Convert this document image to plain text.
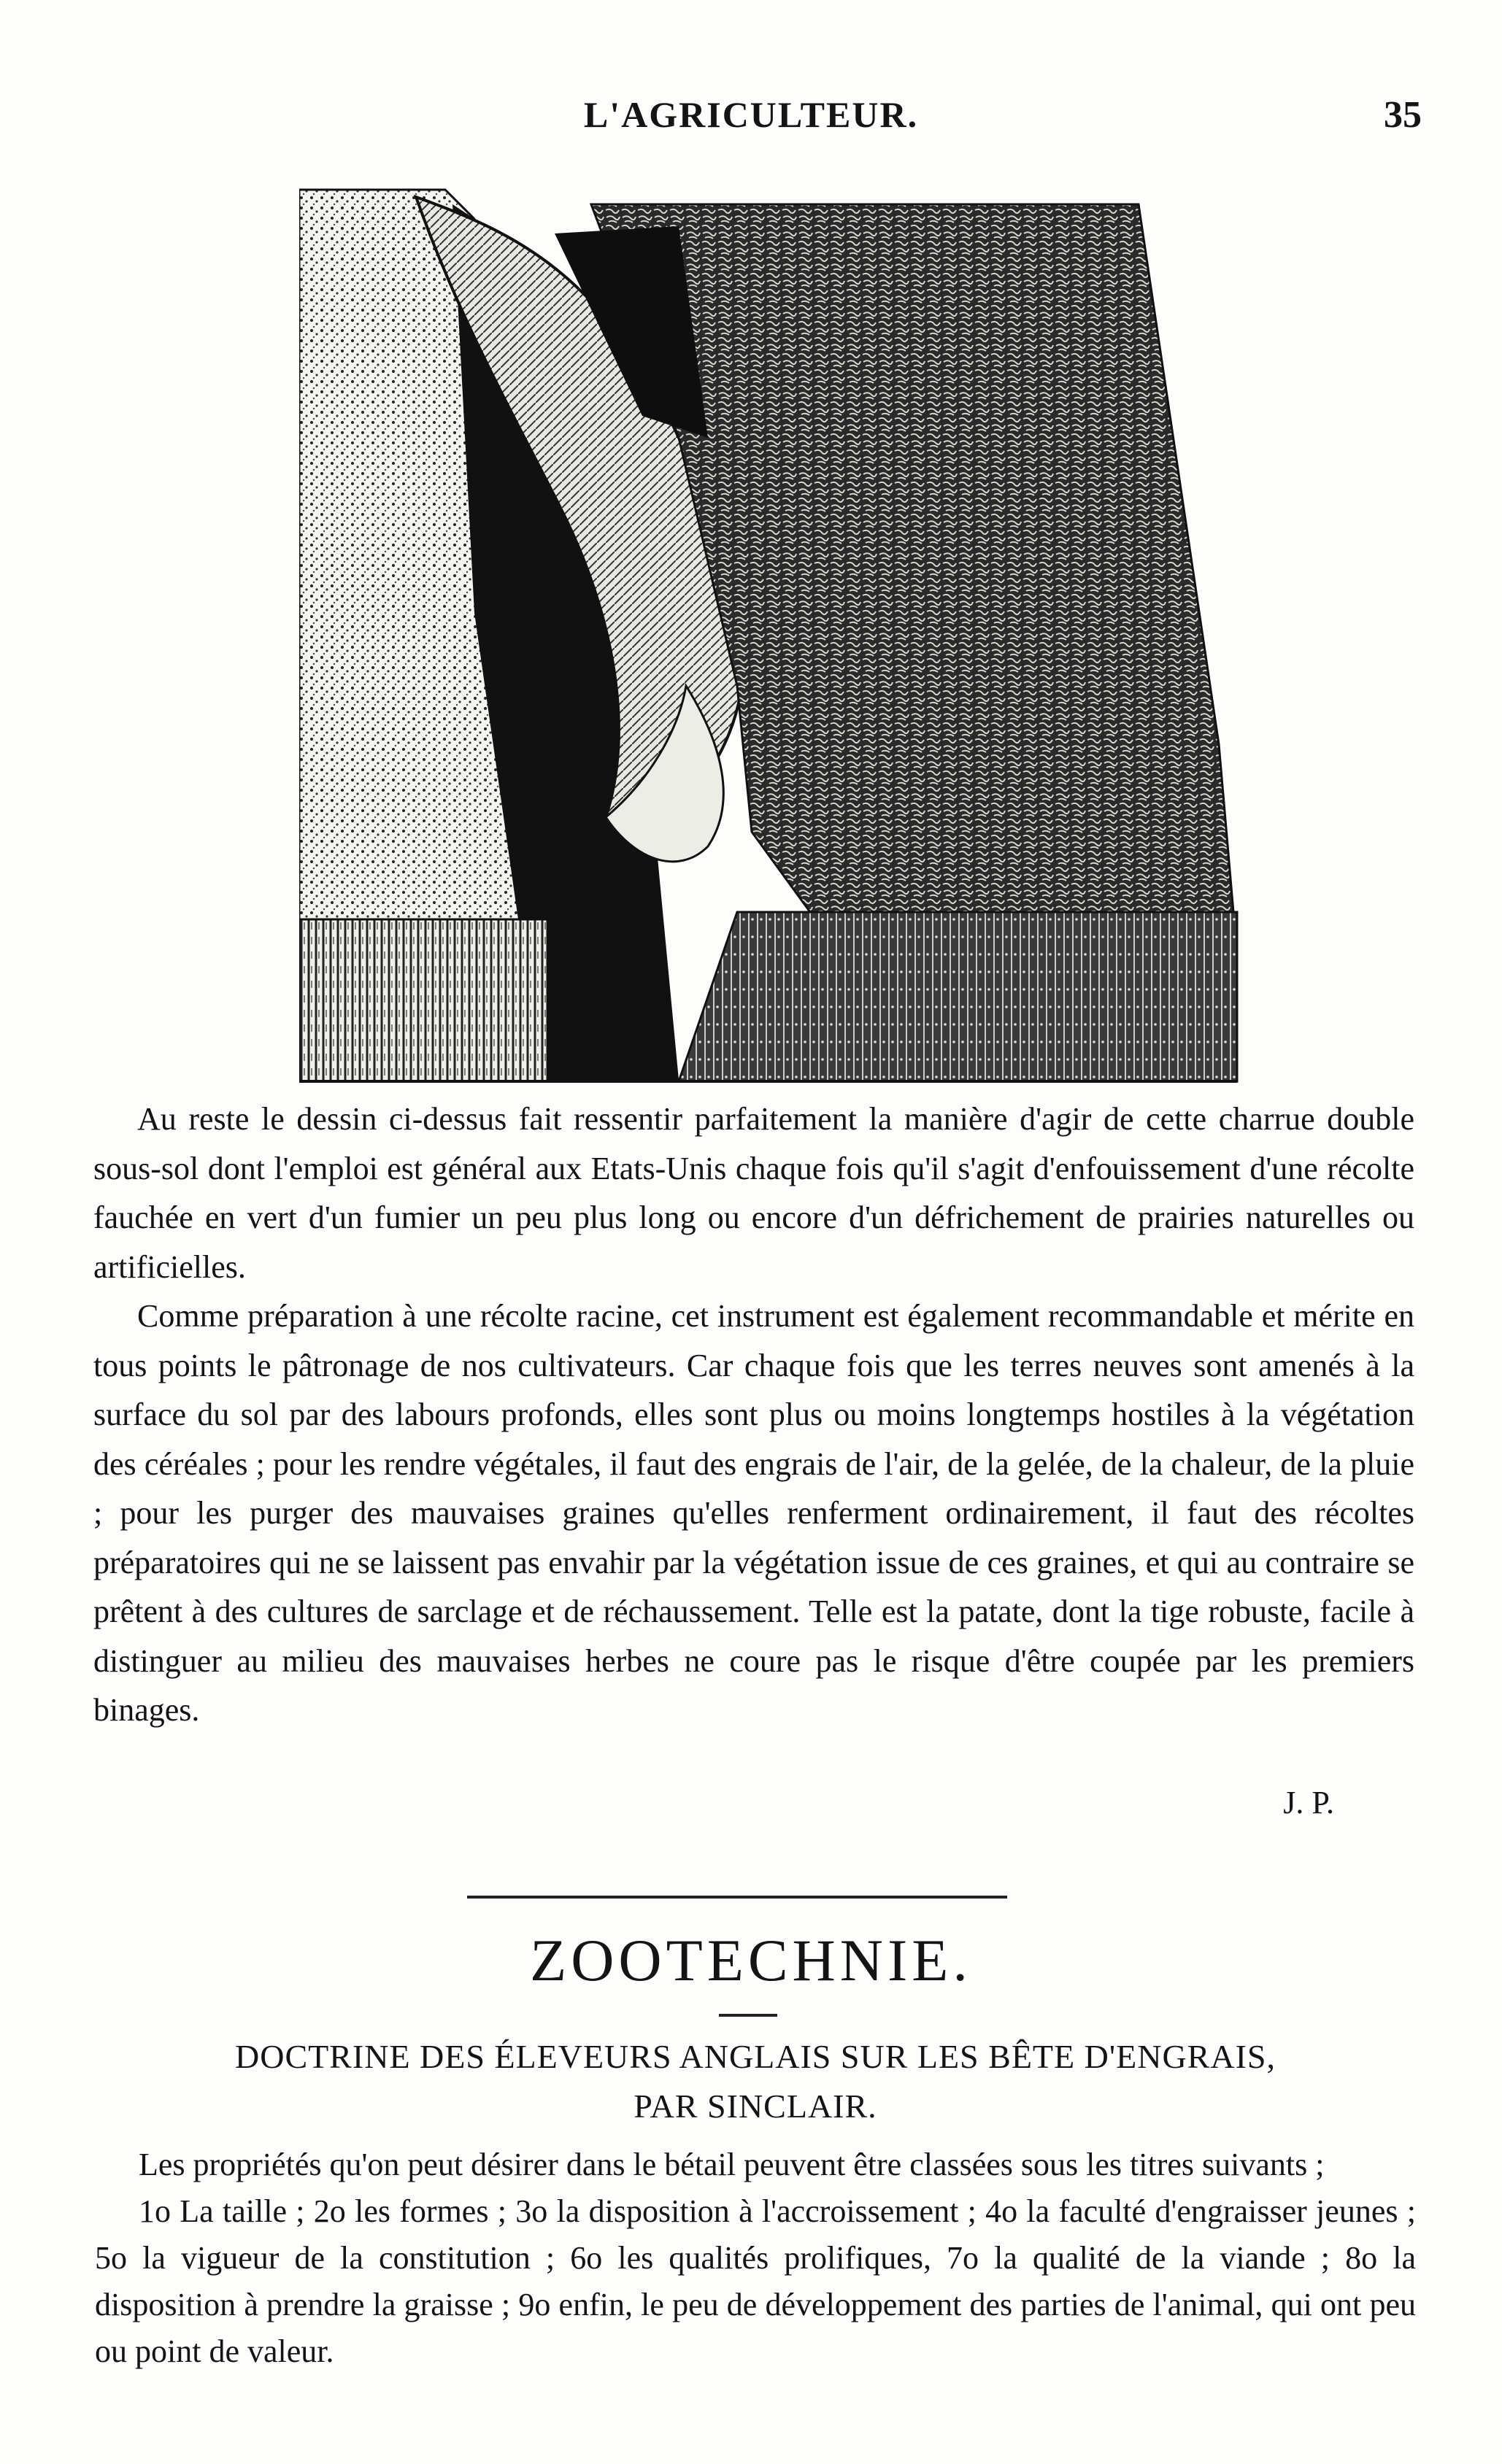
L'AGRICULTEUR.	35

Au reste le dessin ci-dessus fait ressentir parfaitement la manière d'agir de cette charrue double sous-sol dont l'emploi est général aux Etats-Unis chaque fois qu'il s'agit d'enfouissement d'une récolte fauchée en vert d'un fumier un peu plus long ou encore d'un défrichement de prairies naturelles ou artificielles.

Comme préparation à une récolte racine, cet instrument est également recommandable et mérite en tous points le pâtronage de nos cultivateurs. Car chaque fois que les terres neuves sont amenés à la surface du sol par des labours profonds, elles sont plus ou moins longtemps hostiles à la végétation des céréales ; pour les rendre végétales, il faut des engrais de l'air, de la gelée, de la chaleur, de la pluie ; pour les purger des mauvaises graines qu'elles renferment ordinairement, il faut des récoltes préparatoires qui ne se laissent pas envahir par la végétation issue de ces graines, et qui au contraire se prêtent à des cultures de sarclage et de réchaussement. Telle est la patate, dont la tige robuste, facile à distinguer au milieu des mauvaises herbes ne coure pas le risque d'être coupée par les premiers binages.

J. P.
ZOOTECHNIE.
DOCTRINE DES ÉLEVEURS ANGLAIS SUR LES BÊTE D'ENGRAIS,
PAR SINCLAIR.

Les propriétés qu'on peut désirer dans le bétail peuvent être classées sous les titres suivants ;

1o La taille ; 2o les formes ; 3o la disposition à l'accroissement ; 4o la faculté d'engraisser jeunes ; 5o la vigueur de la constitution ; 6o les qualités prolifiques, 7o la qualité de la viande ; 8o la disposition à prendre la graisse ; 9o enfin, le peu de développement des parties de l'animal, qui ont peu ou point de valeur.
